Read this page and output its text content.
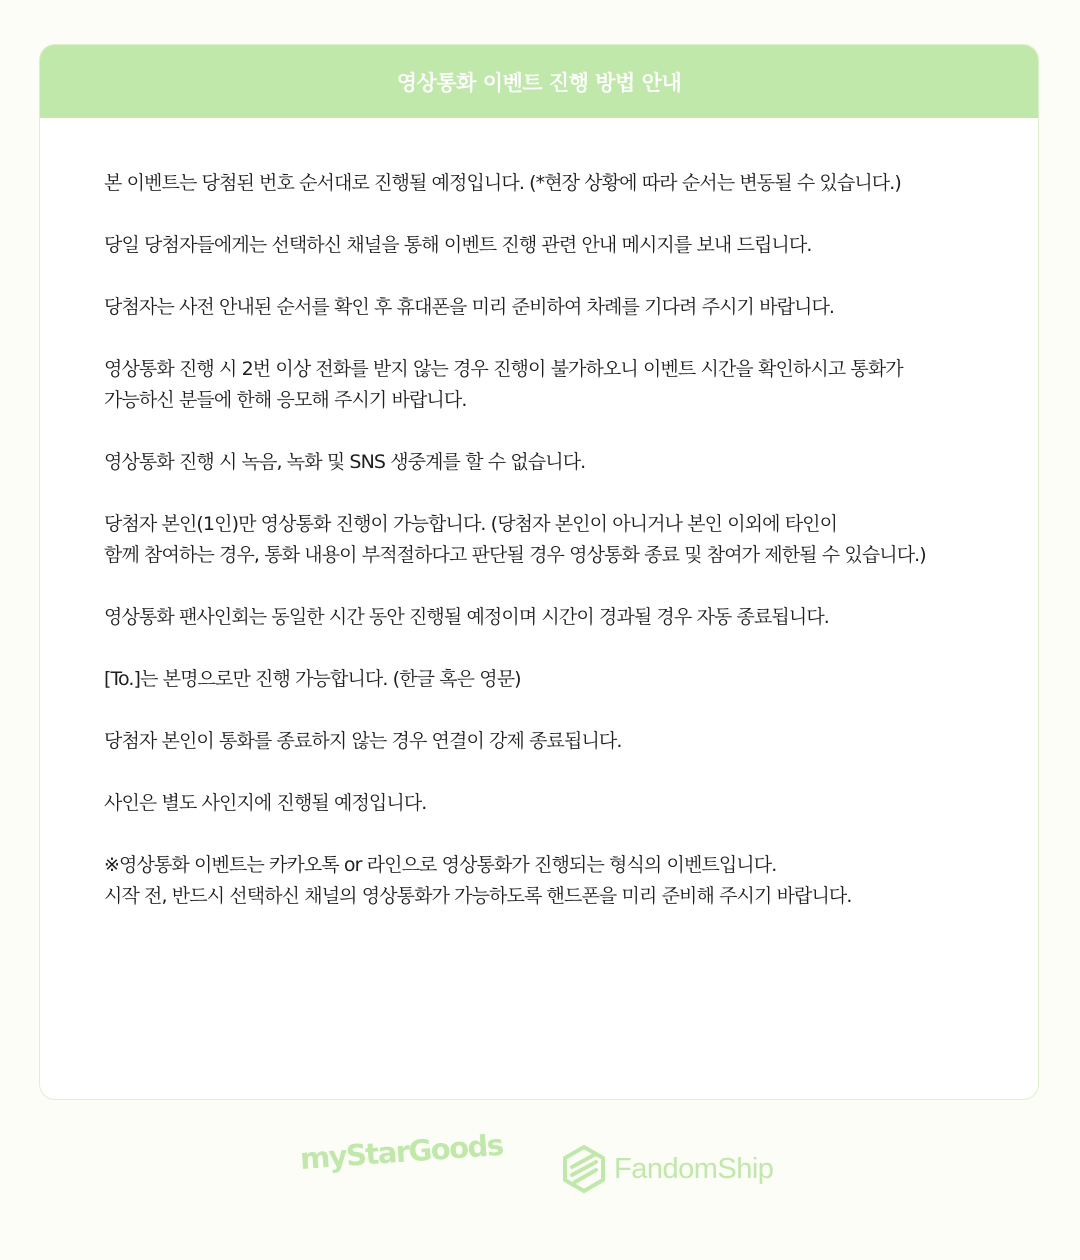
영상통화 이벤트 진행 방법 안내

본 이벤트는 당첨된 번호 순서대로 진행될 예정입니다. (*현장 상황에 따라 순서는 변동될 수 있습니다.)

당일 당첨자들에게는 선택하신 채널을 통해 이벤트 진행 관련 안내 메시지를 보내 드립니다.

당첨자는 사전 안내된 순서를 확인 후 휴대폰을 미리 준비하여 차례를 기다려 주시기 바랍니다.

영상통화 진행 시 2번 이상 전화를 받지 않는 경우 진행이 불가하오니 이벤트 시간을 확인하시고 통화가
가능하신 분들에 한해 응모해 주시기 바랍니다.

영상통화 진행 시 녹음, 녹화 및 SNS 생중계를 할 수 없습니다.

당첨자 본인(1인)만 영상통화 진행이 가능합니다. (당첨자 본인이 아니거나 본인 이외에 타인이
함께 참여하는 경우, 통화 내용이 부적절하다고 판단될 경우 영상통화 종료 및 참여가 제한될 수 있습니다.)

영상통화 팬사인회는 동일한 시간 동안 진행될 예정이며 시간이 경과될 경우 자동 종료됩니다.

[To.]는 본명으로만 진행 가능합니다. (한글 혹은 영문)

당첨자 본인이 통화를 종료하지 않는 경우 연결이 강제 종료됩니다.

사인은 별도 사인지에 진행될 예정입니다.

※영상통화 이벤트는 카카오톡 or 라인으로 영상통화가 진행되는 형식의 이벤트입니다.
시작 전, 반드시 선택하신 채널의 영상통화가 가능하도록 핸드폰을 미리 준비해 주시기 바랍니다.

myStarGoods	FandomShip
